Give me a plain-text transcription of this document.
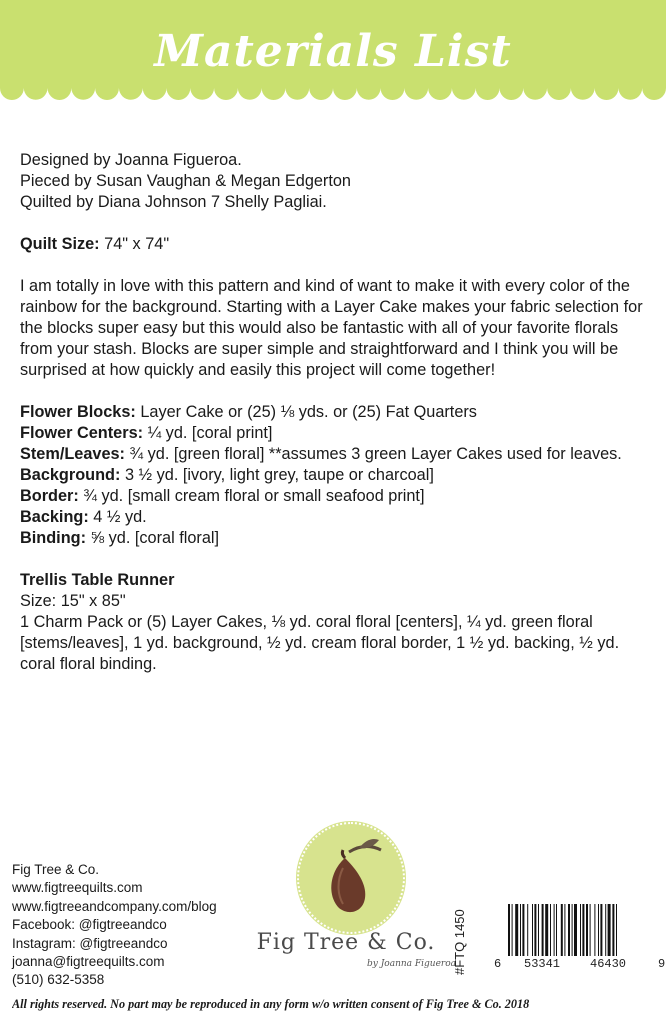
Materials List

Designed by Joanna Figueroa.

Pieced by Susan Vaughan & Megan Edgerton

Quilted by Diana Johnson 7 Shelly Pagliai.

Quilt Size: 74" x 74"

I am totally in love with this pattern and kind of want to make it with every color of the rainbow for the background. Starting with a Layer Cake makes your fabric selection for the blocks super easy but this would also be fantastic with all of your favorite florals from your stash. Blocks are super simple and straightforward and I think you will be surprised at how quickly and easily this project will come together!

Flower Blocks: Layer Cake or (25) ⅛ yds. or (25) Fat Quarters

Flower Centers: ¼ yd. [coral print]

Stem/Leaves: ¾ yd. [green floral] **assumes 3 green Layer Cakes used for leaves.

Background: 3 ½ yd. [ivory, light grey, taupe or charcoal]

Border: ¾ yd. [small cream floral or small seafood print]

Backing: 4 ½ yd.

Binding: ⅝ yd. [coral floral]

Trellis Table Runner

Size: 15" x 85"

1 Charm Pack or (5) Layer Cakes, ⅛ yd. coral floral [centers], ¼ yd. green floral [stems/leaves], 1 yd. background, ½ yd. cream floral border, 1 ½ yd. backing, ½ yd. coral floral binding.

Fig Tree & Co.
www.figtreequilts.com
www.figtreeandcompany.com/blog
Facebook: @figtreeandco
Instagram: @figtreeandco
joanna@figtreequilts.com
(510) 632-5358
Fig Tree & Co.
by Joanna Figueroa
#FTQ 1450 6 53341 46430	9
All rights reserved. No part may be reproduced in any form w/o written consent of Fig Tree & Co. 2018
